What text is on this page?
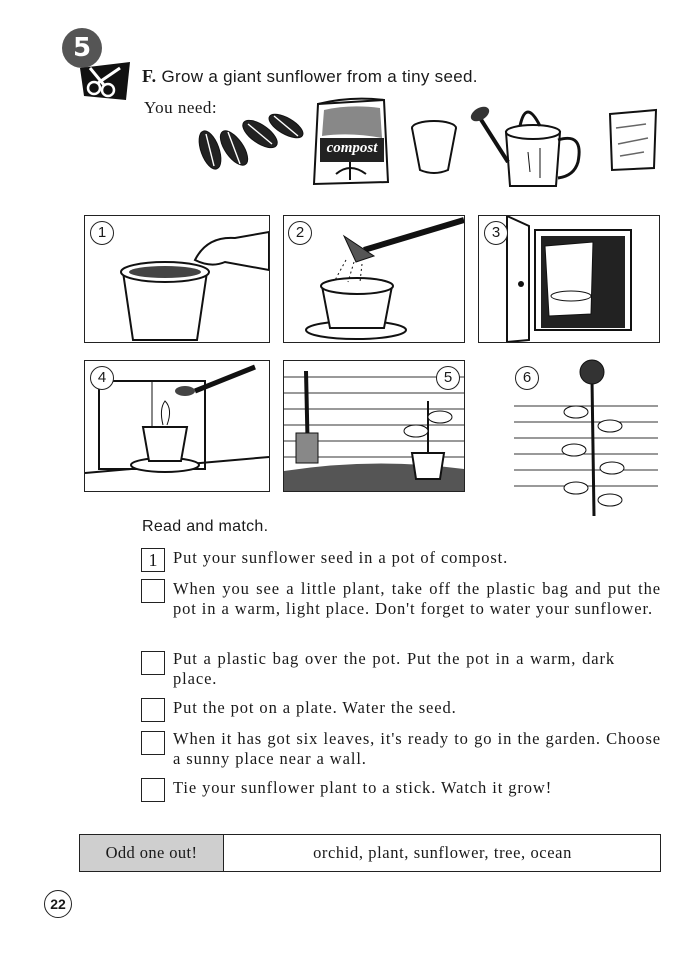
5
F. Grow a giant sunflower from a tiny seed.
You need:
compost
1	2	3
4	5	6
Read and match.
1 Put your sunflower seed in a pot of compost.
When you see a little plant, take off the plastic bag and put the pot in a warm, light place. Don't forget to water your sunflower.
Put a plastic bag over the pot. Put the pot in a warm, dark place.
Put the pot on a plate. Water the seed.
When it has got six leaves, it's ready to go in the garden. Choose a sunny place near a wall.
Tie your sunflower plant to a stick. Watch it grow!
Odd one out!	orchid, plant, sunflower, tree, ocean
22
